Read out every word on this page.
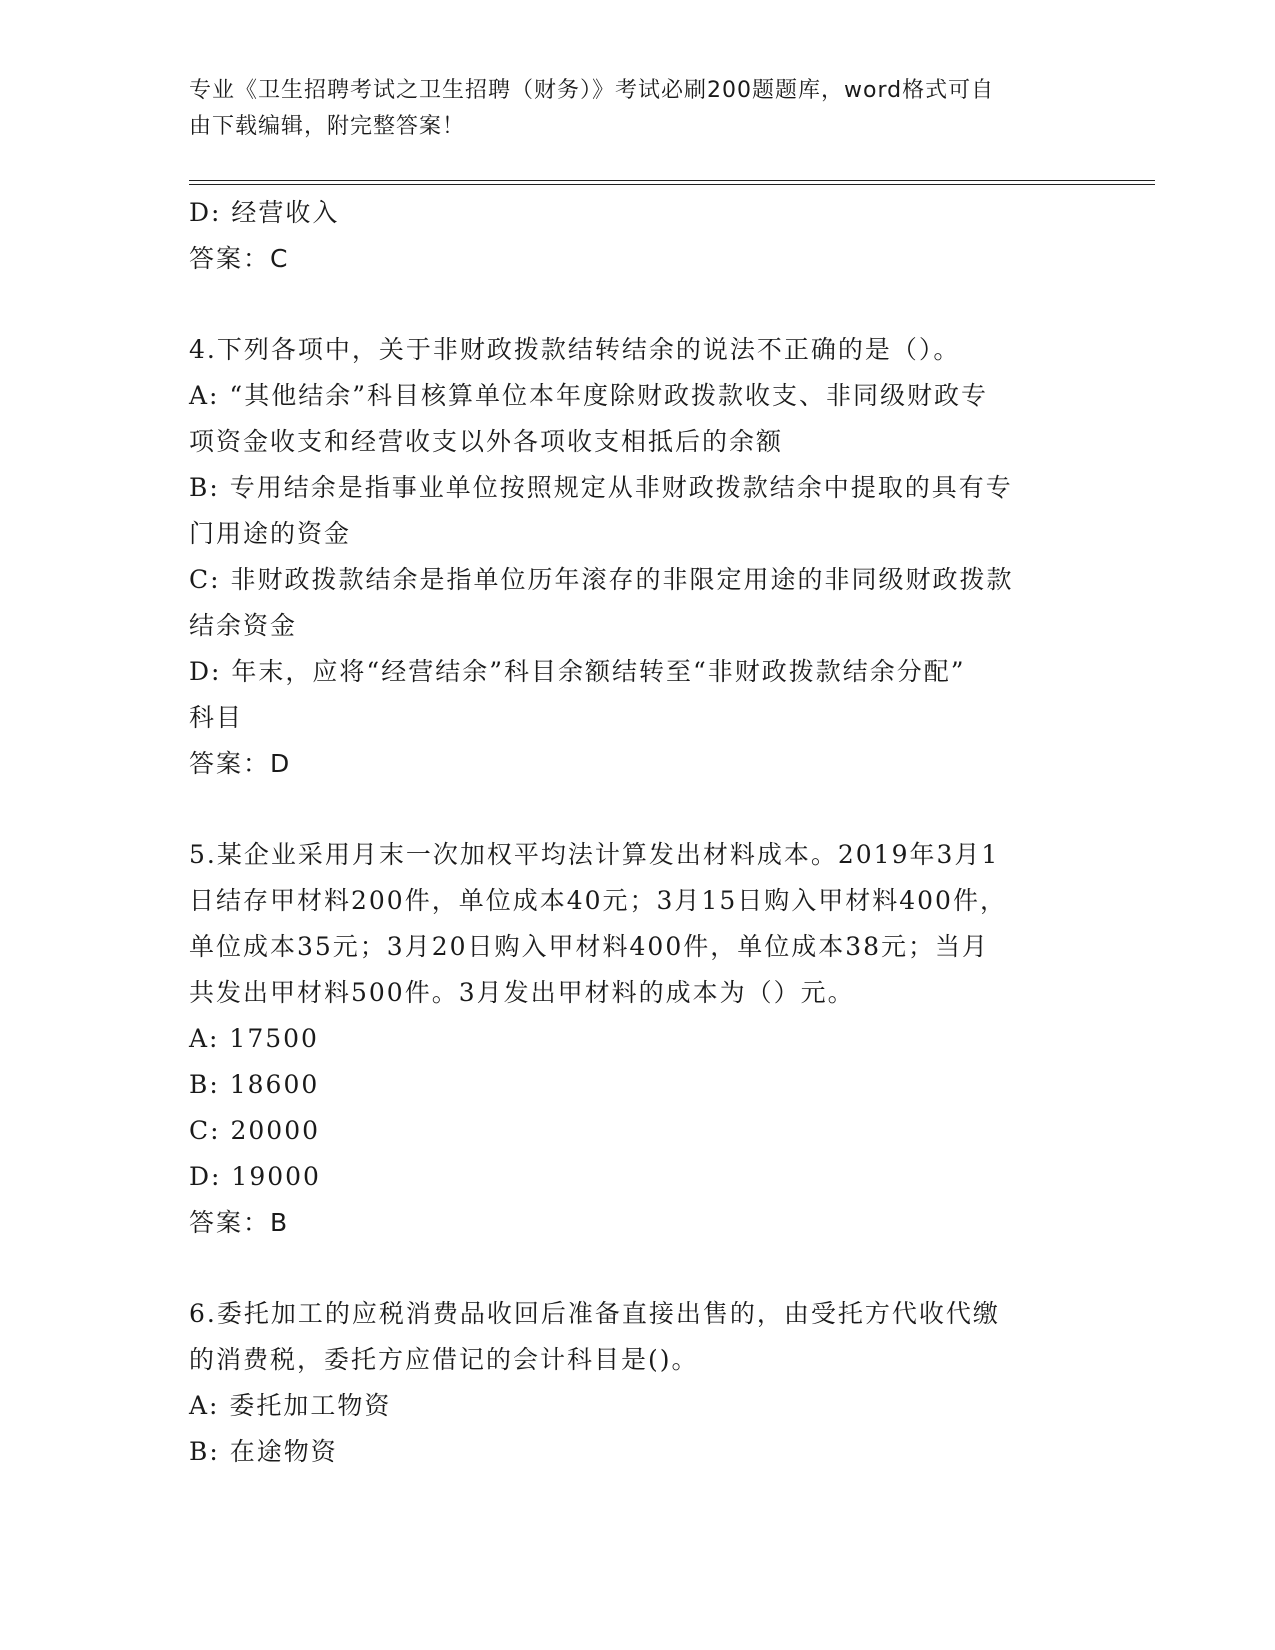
专业《卫生招聘考试之卫生招聘（财务）》考试必刷200题题库，word格式可自
由下载编辑，附完整答案！

D: 经营收入

答案：C

4.下列各项中，关于非财政拨款结转结余的说法不正确的是（）。

A: “其他结余”科目核算单位本年度除财政拨款收支、非同级财政专

项资金收支和经营收支以外各项收支相抵后的余额

B: 专用结余是指事业单位按照规定从非财政拨款结余中提取的具有专

门用途的资金

C: 非财政拨款结余是指单位历年滚存的非限定用途的非同级财政拨款

结余资金

D: 年末，应将“经营结余”科目余额结转至“非财政拨款结余分配”

科目

答案：D

5.某企业采用月末一次加权平均法计算发出材料成本。2019年3月1

日结存甲材料200件，单位成本40元；3月15日购入甲材料400件，

单位成本35元；3月20日购入甲材料400件，单位成本38元；当月

共发出甲材料500件。3月发出甲材料的成本为（）元。

A: 17500

B: 18600

C: 20000

D: 19000

答案：B

6.委托加工的应税消费品收回后准备直接出售的，由受托方代收代缴

的消费税，委托方应借记的会计科目是()。

A: 委托加工物资

B: 在途物资
